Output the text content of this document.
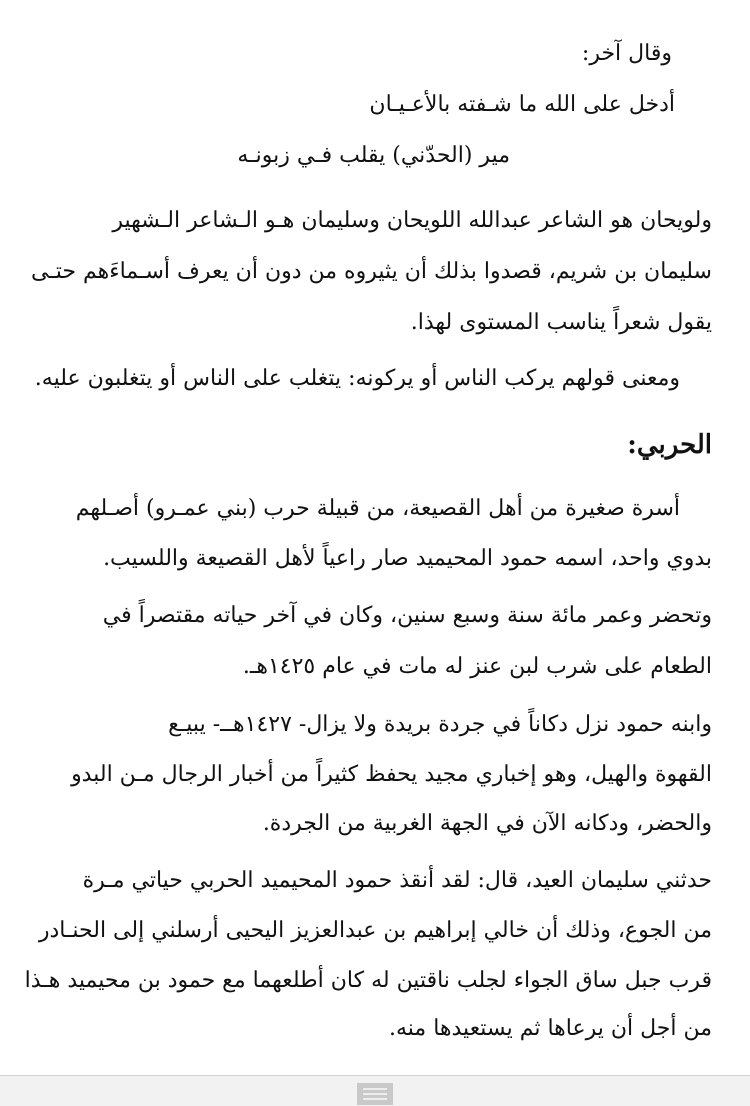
وقال آخر:
أدخل على الله ما شـفته بالأعـيـان
مير (الحدّني) يقلب فـي زبونـه
ولويحان هو الشاعر عبدالله اللويحان وسليمان هـو الـشاعر الـشهير
سليمان بن شريم، قصدوا بذلك أن يثيروه من دون أن يعرف أسـماءَهم حتـى
يقول شعراً يناسب المستوى لهذا.
ومعنى قولهم يركب الناس أو يركونه: يتغلب على الناس أو يتغلبون عليه.
الحربي:
أسرة صغيرة من أهل القصيعة، من قبيلة حرب (بني عمـرو) أصـلهم
بدوي واحد، اسمه حمود المحيميد صار راعياً لأهل القصيعة واللسيب.
وتحضر وعمر مائة سنة وسبع سنين، وكان في آخر حياته مقتصراً في
الطعام على شرب لبن عنز له مات في عام ١٤٢٥هـ.
وابنه حمود نزل دكاناً في جردة بريدة ولا يزال- ١٤٢٧هــ- يبيـع
القهوة والهيل، وهو إخباري مجيد يحفظ كثيراً من أخبار الرجال مـن البدو
والحضر، ودكانه الآن في الجهة الغربية من الجردة.
حدثني سليمان العيد، قال: لقد أنقذ حمود المحيميد الحربي حياتي مـرة
من الجوع، وذلك أن خالي إبراهيم بن عبدالعزيز اليحيى أرسلني إلى الحنـادر
قرب جبل ساق الجواء لجلب ناقتين له كان أطلعهما مع حمود بن محيميد هـذا
من أجل أن يرعاها ثم يستعيدها منه.
